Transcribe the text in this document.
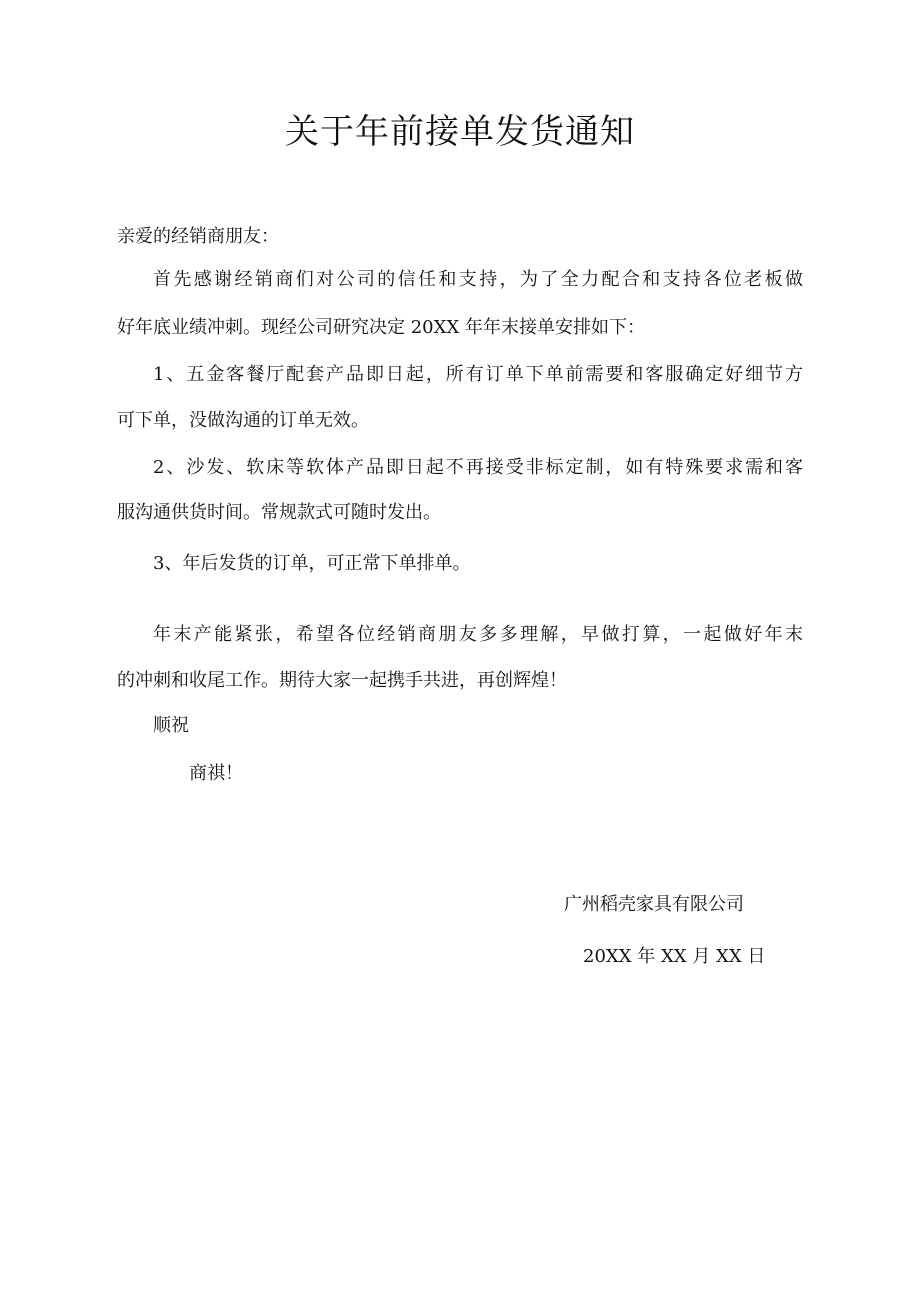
关于年前接单发货通知
亲爱的经销商朋友：
首先感谢经销商们对公司的信任和支持，为了全力配合和支持各位老板做
好年底业绩冲刺。现经公司研究决定 20XX 年年末接单安排如下：
1、五金客餐厅配套产品即日起，所有订单下单前需要和客服确定好细节方
可下单，没做沟通的订单无效。
2、沙发、软床等软体产品即日起不再接受非标定制，如有特殊要求需和客
服沟通供货时间。常规款式可随时发出。
3、年后发货的订单，可正常下单排单。
年末产能紧张，希望各位经销商朋友多多理解，早做打算，一起做好年末
的冲刺和收尾工作。期待大家一起携手共进，再创辉煌！
顺祝
商祺！
广州稻壳家具有限公司
20XX 年 XX 月 XX 日
